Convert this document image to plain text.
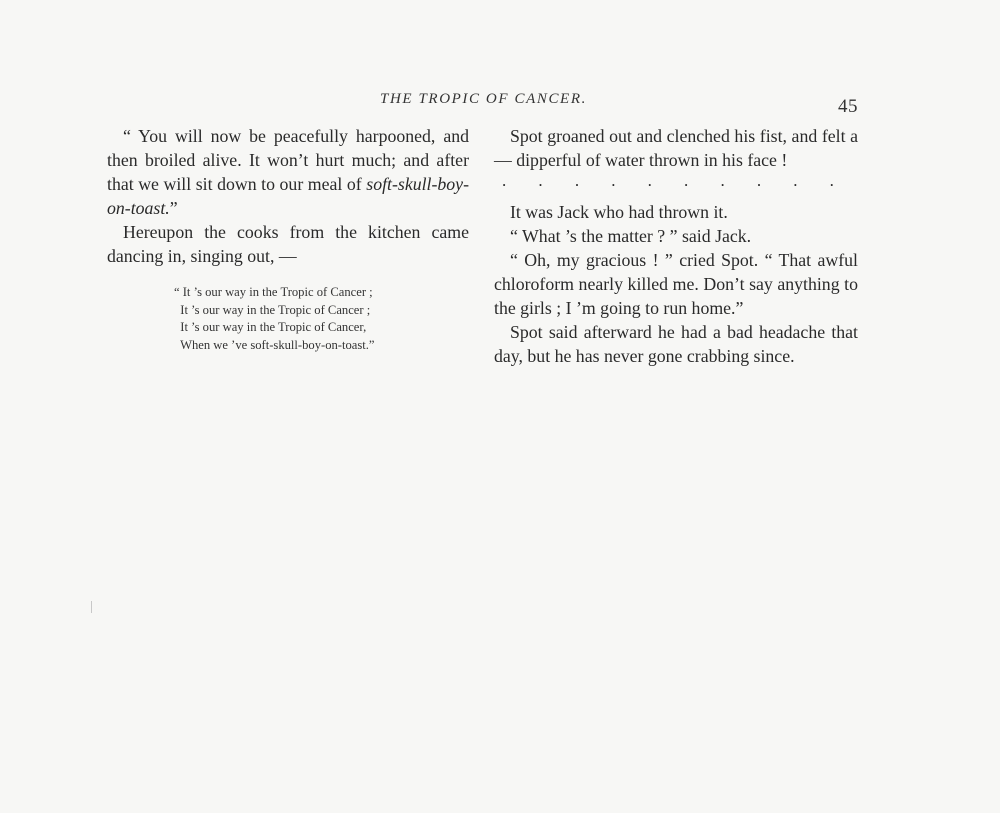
THE TROPIC OF CANCER.	45

“ You will now be peacefully harpooned, and then broiled alive. It won’t hurt much; and after that we will sit down to our meal of soft-skull-boy-on-toast.”

Hereupon the cooks from the kitchen came dancing in, singing out, —

“ It ’s our way in the Tropic of Cancer ;
It ’s our way in the Tropic of Cancer ;
It ’s our way in the Tropic of Cancer,
When we ’ve soft-skull-boy-on-toast.”

Spot groaned out and clenched his fist, and felt a — dipperful of water thrown in his face !

. . . . . . . . . .

It was Jack who had thrown it.

“ What ’s the matter ? ” said Jack.

“ Oh, my gracious ! ” cried Spot. “ That awful chloroform nearly killed me. Don’t say anything to the girls ; I ’m going to run home.”

Spot said afterward he had a bad headache that day, but he has never gone crabbing since.
